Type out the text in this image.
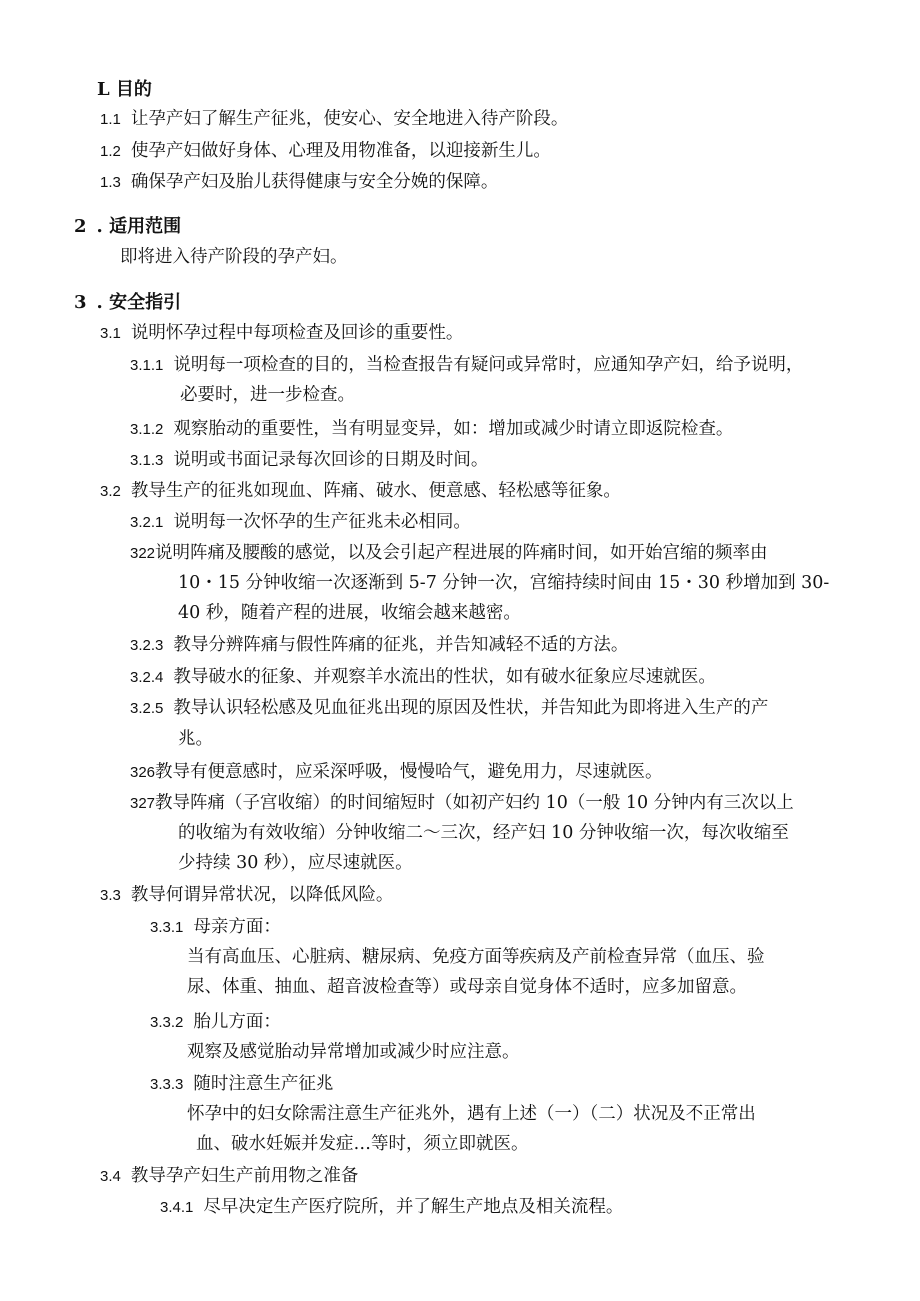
L 目的
1.1 让孕产妇了解生产征兆，使安心、安全地进入待产阶段。
1.2 使孕产妇做好身体、心理及用物准备，以迎接新生儿。
1.3 确保孕产妇及胎儿获得健康与安全分娩的保障。
2 . 适用范围
即将进入待产阶段的孕产妇。
3 . 安全指引
3.1 说明怀孕过程中每项检查及回诊的重要性。
3.1.1 说明每一项检查的目的，当检查报告有疑问或异常时，应通知孕产妇，给予说明，
必要时，进一步检查。
3.1.2 观察胎动的重要性，当有明显变异，如：增加或减少时请立即返院检查。
3.1.3 说明或书面记录每次回诊的日期及时间。
3.2 教导生产的征兆如现血、阵痛、破水、便意感、轻松感等征象。
3.2.1 说明每一次怀孕的生产征兆未必相同。
322说明阵痛及腰酸的感觉，以及会引起产程进展的阵痛时间，如开始宫缩的频率由
10・15 分钟收缩一次逐渐到 5-7 分钟一次，宫缩持续时间由 15・30 秒增加到 30-
40 秒，随着产程的进展，收缩会越来越密。
3.2.3 教导分辨阵痛与假性阵痛的征兆，并告知减轻不适的方法。
3.2.4 教导破水的征象、并观察羊水流出的性状，如有破水征象应尽速就医。
3.2.5 教导认识轻松感及见血征兆出现的原因及性状，并告知此为即将进入生产的产
兆。
326教导有便意感时，应采深呼吸，慢慢哈气，避免用力，尽速就医。
327教导阵痛（子宫收缩）的时间缩短时（如初产妇约 10（一般 10 分钟内有三次以上
的收缩为有效收缩）分钟收缩二～三次，经产妇 10 分钟收缩一次，每次收缩至
少持续 30 秒），应尽速就医。
3.3 教导何谓异常状况，以降低风险。
3.3.1 母亲方面：
当有高血压、心脏病、糖尿病、免疫方面等疾病及产前检查异常（血压、验
尿、体重、抽血、超音波检查等）或母亲自觉身体不适时，应多加留意。
3.3.2 胎儿方面：
观察及感觉胎动异常增加或减少时应注意。
3.3.3 随时注意生产征兆
怀孕中的妇女除需注意生产征兆外，遇有上述（一）（二）状况及不正常出
血、破水妊娠并发症…等时，须立即就医。
3.4 教导孕产妇生产前用物之准备
3.4.1 尽早决定生产医疗院所，并了解生产地点及相关流程。
